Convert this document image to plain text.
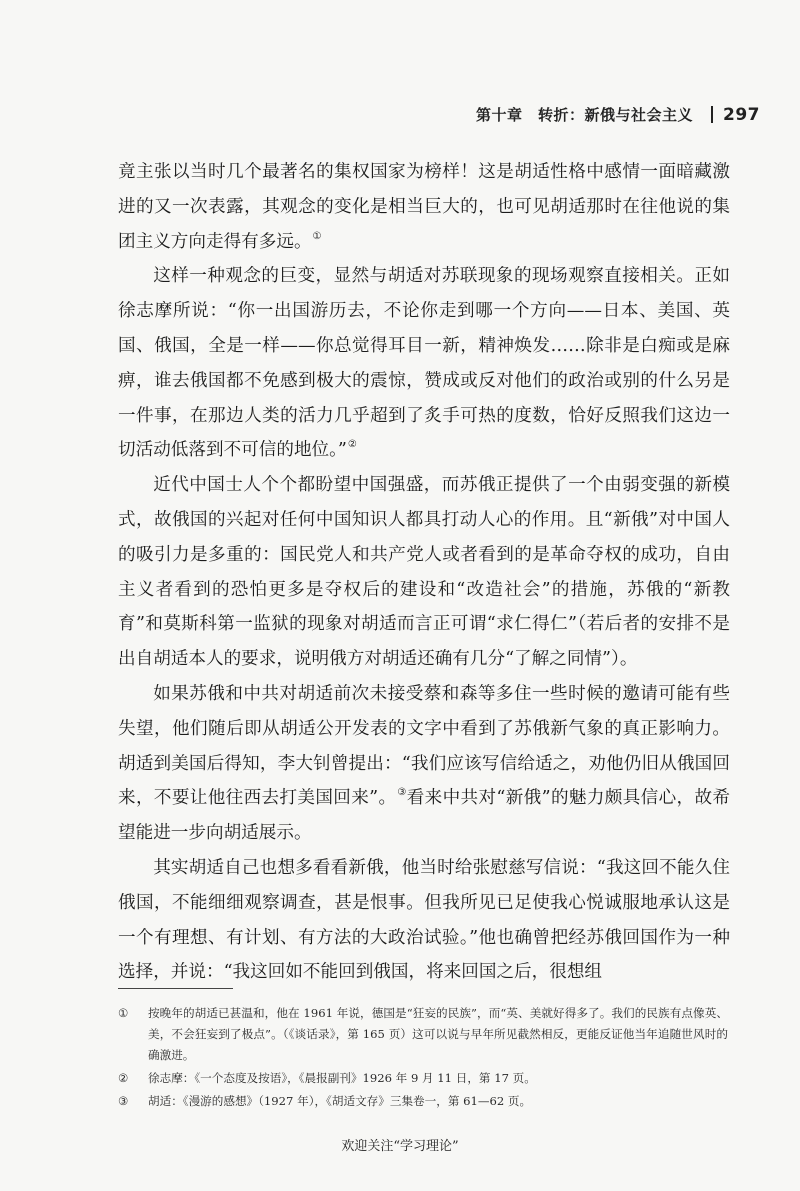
第十章　转折：新俄与社会主义 297

竟主张以当时几个最著名的集权国家为榜样！这是胡适性格中感情一面暗藏激进的又一次表露，其观念的变化是相当巨大的，也可见胡适那时在往他说的集团主义方向走得有多远。①

这样一种观念的巨变，显然与胡适对苏联现象的现场观察直接相关。正如徐志摩所说：“你一出国游历去，不论你走到哪一个方向——日本、美国、英国、俄国，全是一样——你总觉得耳目一新，精神焕发……除非是白痴或是麻痹，谁去俄国都不免感到极大的震惊，赞成或反对他们的政治或别的什么另是一件事，在那边人类的活力几乎超到了炙手可热的度数，恰好反照我们这边一切活动低落到不可信的地位。”②

近代中国士人个个都盼望中国强盛，而苏俄正提供了一个由弱变强的新模式，故俄国的兴起对任何中国知识人都具打动人心的作用。且“新俄”对中国人的吸引力是多重的：国民党人和共产党人或者看到的是革命夺权的成功，自由主义者看到的恐怕更多是夺权后的建设和“改造社会”的措施，苏俄的“新教育”和莫斯科第一监狱的现象对胡适而言正可谓“求仁得仁”（若后者的安排不是出自胡适本人的要求，说明俄方对胡适还确有几分“了解之同情”）。

如果苏俄和中共对胡适前次未接受蔡和森等多住一些时候的邀请可能有些失望，他们随后即从胡适公开发表的文字中看到了苏俄新气象的真正影响力。胡适到美国后得知，李大钊曾提出：“我们应该写信给适之，劝他仍旧从俄国回来，不要让他往西去打美国回来”。③看来中共对“新俄”的魅力颇具信心，故希望能进一步向胡适展示。

其实胡适自己也想多看看新俄，他当时给张慰慈写信说：“我这回不能久住俄国，不能细细观察调查，甚是恨事。但我所见已足使我心悦诚服地承认这是一个有理想、有计划、有方法的大政治试验。”他也确曾把经苏俄回国作为一种选择，并说：“我这回如不能回到俄国，将来回国之后，很想组

①	按晚年的胡适已甚温和，他在 1961 年说，德国是“狂妄的民族”，而“英、美就好得多了。我们的民族有点像英、美，不会狂妄到了极点”。（《谈话录》，第 165 页）这可以说与早年所见截然相反，更能反证他当年追随世风时的确激进。
②	徐志摩：《一个态度及按语》，《晨报副刊》1926 年 9 月 11 日，第 17 页。
③	胡适：《漫游的感想》（1927 年），《胡适文存》三集卷一，第 61—62 页。
欢迎关注“学习理论”
